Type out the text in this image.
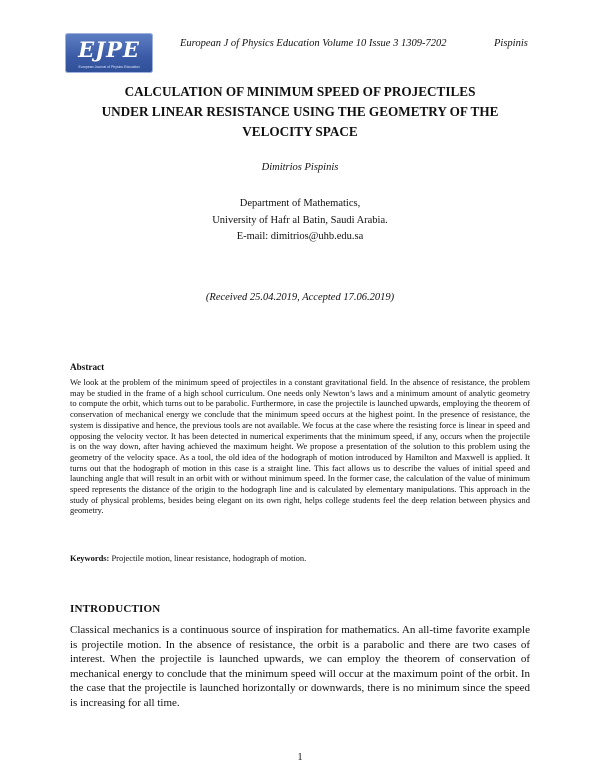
EJPE
European Journal of Physics Education
European J of Physics Education Volume 10 Issue 3 1309-7202	Pispinis
CALCULATION OF MINIMUM SPEED OF PROJECTILES
UNDER LINEAR RESISTANCE USING THE GEOMETRY OF THE
VELOCITY SPACE
Dimitrios Pispinis
Department of Mathematics,
University of Hafr al Batin, Saudi Arabia.
E-mail: dimitrios@uhb.edu.sa
(Received 25.04.2019, Accepted 17.06.2019)
Abstract
We look at the problem of the minimum speed of projectiles in a constant gravitational field. In the absence of resistance, the problem may be studied in the frame of a high school curriculum. One needs only Newton’s laws and a minimum amount of analytic geometry to compute the orbit, which turns out to be parabolic. Furthermore, in case the projectile is launched upwards, employing the theorem of conservation of mechanical energy we conclude that the minimum speed occurs at the highest point. In the presence of resistance, the system is dissipative and hence, the previous tools are not available. We focus at the case where the resisting force is linear in speed and opposing the velocity vector. It has been detected in numerical experiments that the minimum speed, if any, occurs when the projectile is on the way down, after having achieved the maximum height. We propose a presentation of the solution to this problem using the geometry of the velocity space. As a tool, the old idea of the hodograph of motion introduced by Hamilton and Maxwell is applied. It turns out that the hodograph of motion in this case is a straight line. This fact allows us to describe the values of initial speed and launching angle that will result in an orbit with or without minimum speed. In the former case, the calculation of the value of minimum speed represents the distance of the origin to the hodograph line and is calculated by elementary manipulations. This approach in the study of physical problems, besides being elegant on its own right, helps college students feel the deep relation between physics and geometry.
Keywords: Projectile motion, linear resistance, hodograph of motion.
INTRODUCTION
Classical mechanics is a continuous source of inspiration for mathematics. An all-time favorite example is projectile motion. In the absence of resistance, the orbit is a parabolic and there are two cases of interest. When the projectile is launched upwards, we can employ the theorem of conservation of mechanical energy to conclude that the minimum speed will occur at the maximum point of the orbit. In the case that the projectile is launched horizontally or downwards, there is no minimum since the speed is increasing for all time.
1
